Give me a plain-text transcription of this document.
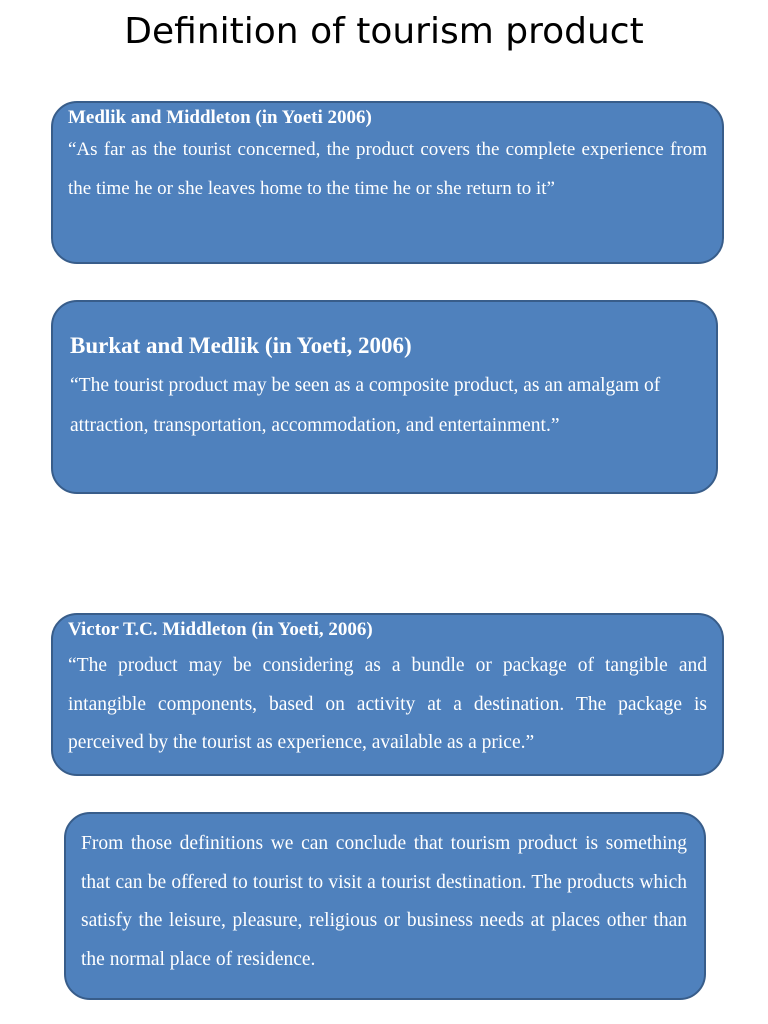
Definition of tourism product

Medlik and Middleton (in Yoeti 2006)

“As far as the tourist concerned, the product covers the complete experience from the time he or she leaves home to the time he or she return to it”

Burkat and Medlik (in Yoeti, 2006)

“The tourist product may be seen as a composite product, as an amalgam of attraction, transportation, accommodation, and entertainment.”

Victor T.C. Middleton (in Yoeti, 2006)

“The product may be considering as a bundle or package of tangible and intangible components, based on activity at a destination. The package is perceived by the tourist as experience, available as a price.”

From those definitions we can conclude that tourism product is something that can be offered to tourist to visit a tourist destination. The products which satisfy the leisure, pleasure, religious or business needs at places other than the normal place of residence.
